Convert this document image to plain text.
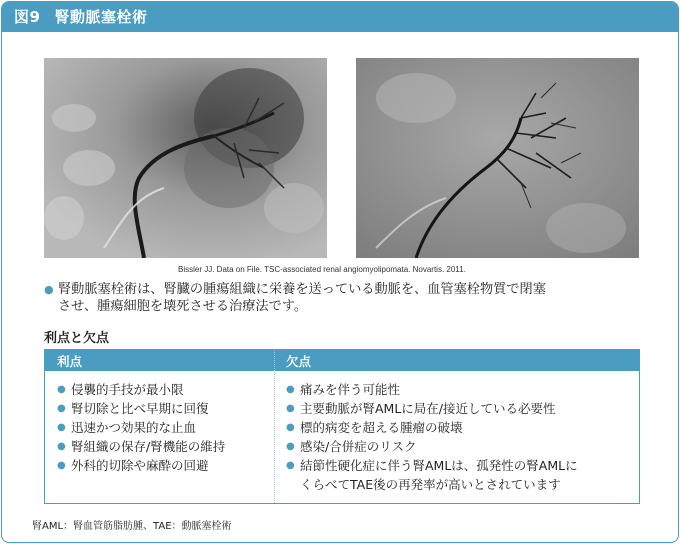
図9 腎動脈塞栓術
Bissler JJ. Data on File. TSC-associated renal angiomyolipomata. Novartis. 2011.
● 腎動脈塞栓術は、腎臓の腫瘍組織に栄養を送っている動脈を、血管塞栓物質で閉塞

させ、腫瘍細胞を壊死させる治療法です。

利点と欠点
利点	欠点
● 侵襲的手技が最小限
● 腎切除と比べ早期に回復
● 迅速かつ効果的な止血
● 腎組織の保存/腎機能の維持
● 外科的切除や麻酔の回避
● 痛みを伴う可能性
● 主要動脈が腎AMLに局在/接近している必要性
● 標的病変を超える腫瘤の破壊
● 感染/合併症のリスク
● 結節性硬化症に伴う腎AMLは、孤発性の腎AMLに
くらべてTAE後の再発率が高いとされています
腎AML：腎血管筋脂肪腫、TAE：動脈塞栓術
